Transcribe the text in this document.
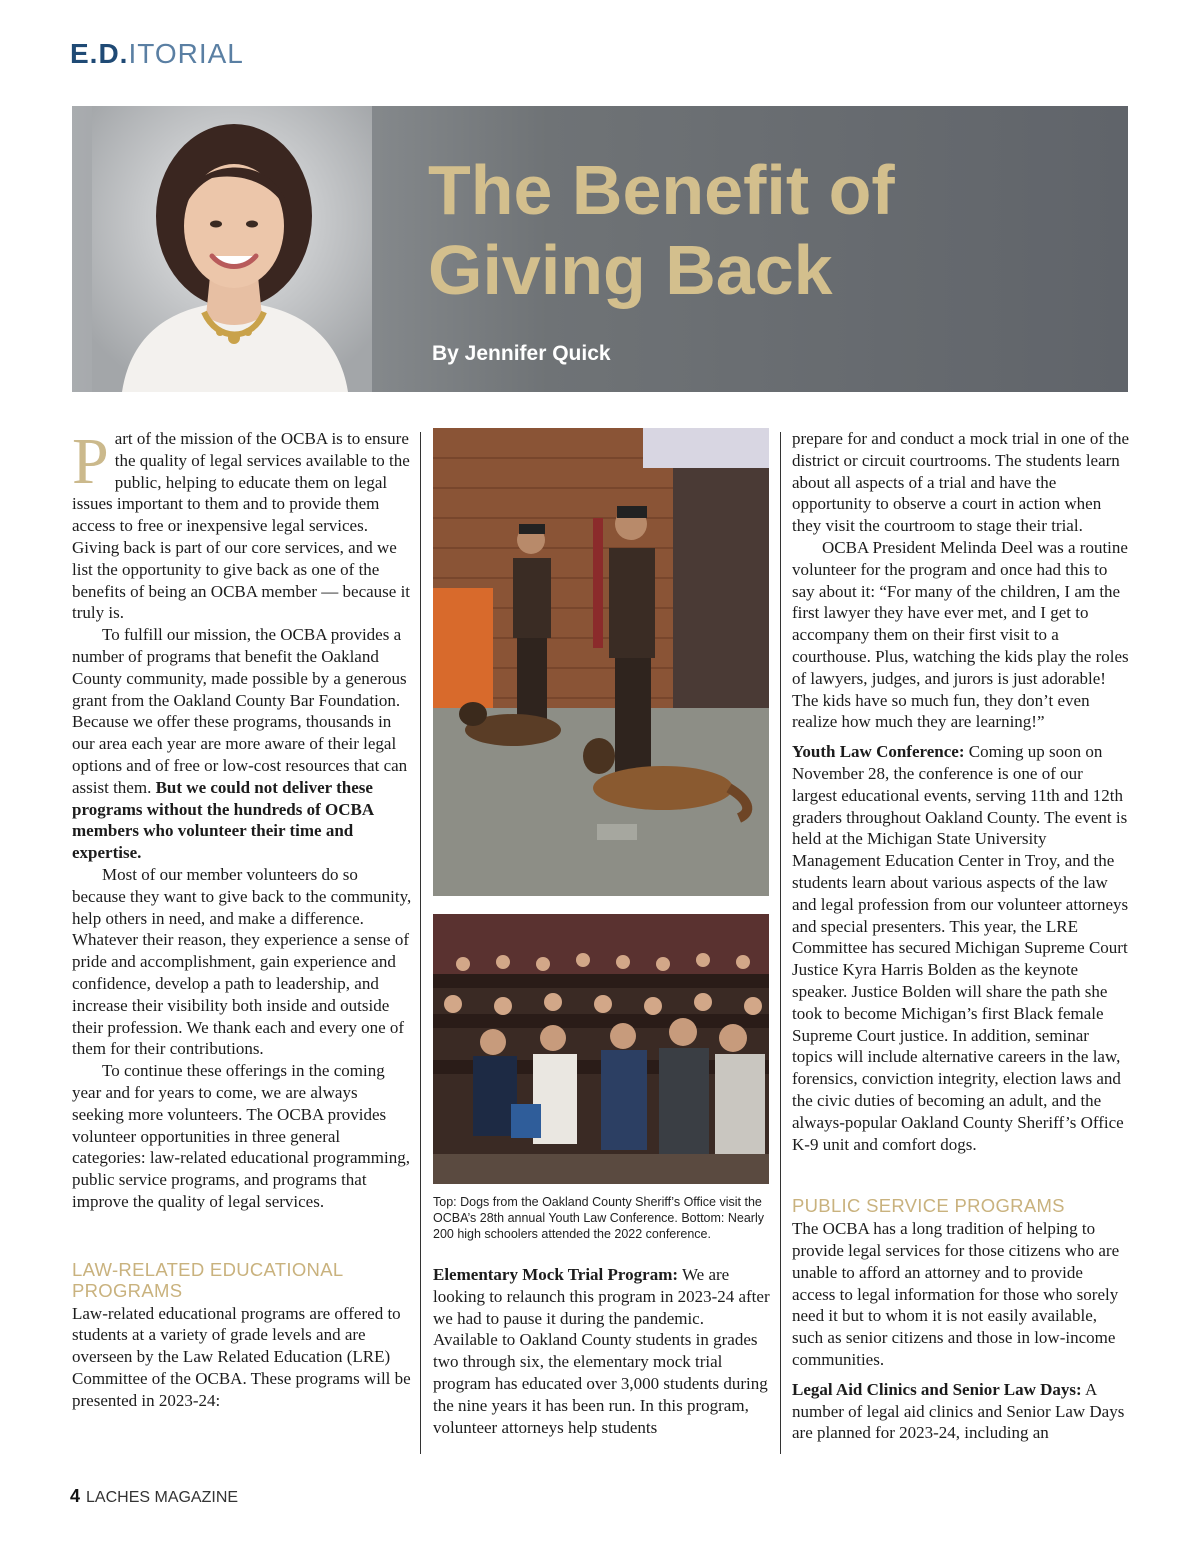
E.D.ITORIAL
The Benefit of
Giving Back
By Jennifer Quick

Part of the mission of the OCBA is to ensure the quality of legal services available to the public, helping to educate them on legal issues important to them and to provide them access to free or inexpensive legal services. Giving back is part of our core services, and we list the opportunity to give back as one of the benefits of being an OCBA member — because it truly is.

To fulfill our mission, the OCBA provides a number of programs that benefit the Oakland County community, made possible by a generous grant from the Oakland County Bar Foundation. Because we offer these programs, thousands in our area each year are more aware of their legal options and of free or low-cost resources that can assist them. But we could not deliver these programs without the hundreds of OCBA members who volunteer their time and expertise.

Most of our member volunteers do so because they want to give back to the community, help others in need, and make a difference. Whatever their reason, they experience a sense of pride and accomplishment, gain experience and confidence, develop a path to leadership, and increase their visibility both inside and outside their profession. We thank each and every one of them for their contributions.

To continue these offerings in the coming year and for years to come, we are always seeking more volunteers. The OCBA provides volunteer opportunities in three general categories: law-related educational programming, public service programs, and programs that improve the quality of legal services.

LAW-RELATED EDUCATIONAL PROGRAMS

Law-related educational programs are offered to students at a variety of grade levels and are overseen by the Law Related Education (LRE) Committee of the OCBA. These programs will be presented in 2023-24:

Top: Dogs from the Oakland County Sheriff’s Office visit the OCBA’s 28th annual Youth Law Conference. Bottom: Nearly 200 high schoolers attended the 2022 conference.

Elementary Mock Trial Program: We are looking to relaunch this program in 2023-24 after we had to pause it during the pandemic. Available to Oakland County students in grades two through six, the elementary mock trial program has educated over 3,000 students during the nine years it has been run. In this program, volunteer attorneys help students

prepare for and conduct a mock trial in one of the district or circuit courtrooms. The students learn about all aspects of a trial and have the opportunity to observe a court in action when they visit the courtroom to stage their trial.

OCBA President Melinda Deel was a routine volunteer for the program and once had this to say about it: “For many of the children, I am the first lawyer they have ever met, and I get to accompany them on their first visit to a courthouse. Plus, watching the kids play the roles of lawyers, judges, and jurors is just adorable! The kids have so much fun, they don’t even realize how much they are learning!”

Youth Law Conference: Coming up soon on November 28, the conference is one of our largest educational events, serving 11th and 12th graders throughout Oakland County. The event is held at the Michigan State University Management Education Center in Troy, and the students learn about various aspects of the law and legal profession from our volunteer attorneys and special presenters. This year, the LRE Committee has secured Michigan Supreme Court Justice Kyra Harris Bolden as the keynote speaker. Justice Bolden will share the path she took to become Michigan’s first Black female Supreme Court justice. In addition, seminar topics will include alternative careers in the law, forensics, conviction integrity, election laws and the civic duties of becoming an adult, and the always-popular Oakland County Sheriff’s Office K-9 unit and comfort dogs.

PUBLIC SERVICE PROGRAMS

The OCBA has a long tradition of helping to provide legal services for those citizens who are unable to afford an attorney and to provide access to legal information for those who sorely need it but to whom it is not easily available, such as senior citizens and those in low-income communities.

Legal Aid Clinics and Senior Law Days: A number of legal aid clinics and Senior Law Days are planned for 2023-24, including an

4 LACHES MAGAZINE
